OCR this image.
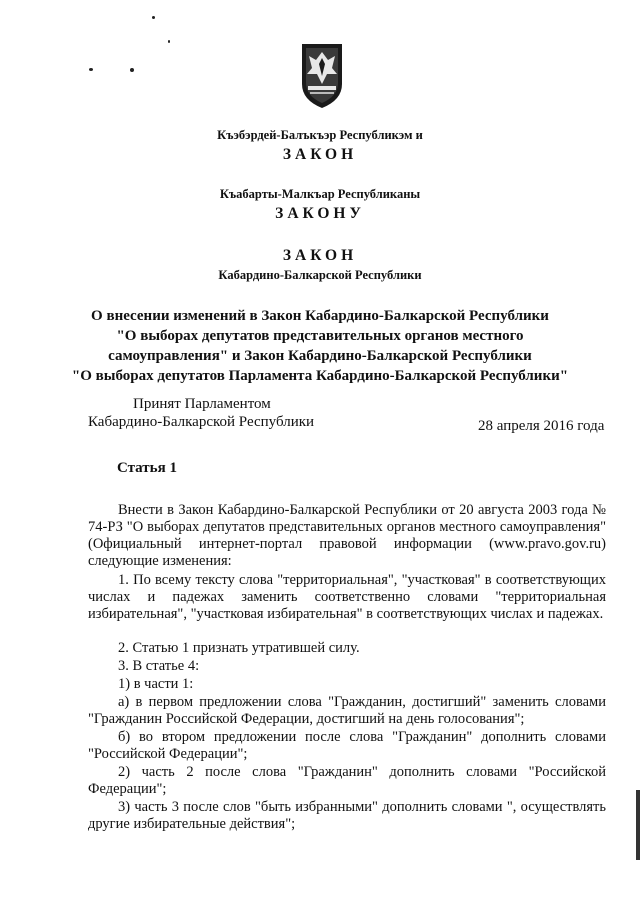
Къэбэрдей-Балъкъэр Республикэм и

ЗАКОН

Къабарты-Малкъар Республиканы

ЗАКОНУ

ЗАКОН

Кабардино-Балкарской Республики

О внесении изменений в Закон Кабардино-Балкарской Республики
"О выборах депутатов представительных органов местного
самоуправления" и Закон Кабардино-Балкарской Республики
"О выборах депутатов Парламента Кабардино-Балкарской Республики"

Принят Парламентом

Кабардино-Балкарской Республики	28 апреля 2016 года

Статья 1

Внести в Закон Кабардино-Балкарской Республики от 20 августа 2003 года № 74-РЗ "О выборах депутатов представительных органов местного самоуправления" (Официальный интернет-портал правовой информации (www.pravo.gov.ru) следующие изменения:

1. По всему тексту слова "территориальная", "участковая" в соответствующих числах и падежах заменить соответственно словами "территориальная избирательная", "участковая избирательная" в соответствующих числах и падежах.

2. Статью 1 признать утратившей силу.

3. В статье 4:

1) в части 1:

а) в первом предложении слова "Гражданин, достигший" заменить словами "Гражданин Российской Федерации, достигший на день голосования";

б) во втором предложении после слова "Гражданин" дополнить словами "Российской Федерации";

2) часть 2 после слова "Гражданин" дополнить словами "Российской Федерации";

3) часть 3 после слов "быть избранными" дополнить словами ", осуществлять другие избирательные действия";
